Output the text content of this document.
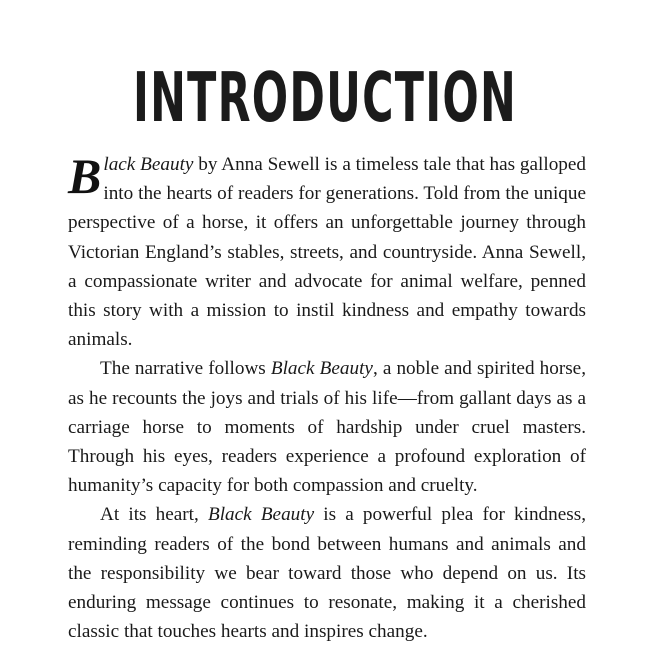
INTRODUCTION

Black Beauty by Anna Sewell is a timeless tale that has galloped into the hearts of readers for generations. Told from the unique perspective of a horse, it offers an unforgettable journey through Victorian England’s stables, streets, and countryside. Anna Sewell, a compassionate writer and advocate for animal welfare, penned this story with a mission to instil kindness and empathy towards animals.

The narrative follows Black Beauty, a noble and spirited horse, as he recounts the joys and trials of his life—from gallant days as a carriage horse to moments of hardship under cruel masters. Through his eyes, readers experience a profound exploration of humanity’s capacity for both compassion and cruelty.

At its heart, Black Beauty is a powerful plea for kindness, reminding readers of the bond between humans and animals and the responsibility we bear toward those who depend on us. Its enduring message continues to resonate, making it a cherished classic that touches hearts and inspires change.
